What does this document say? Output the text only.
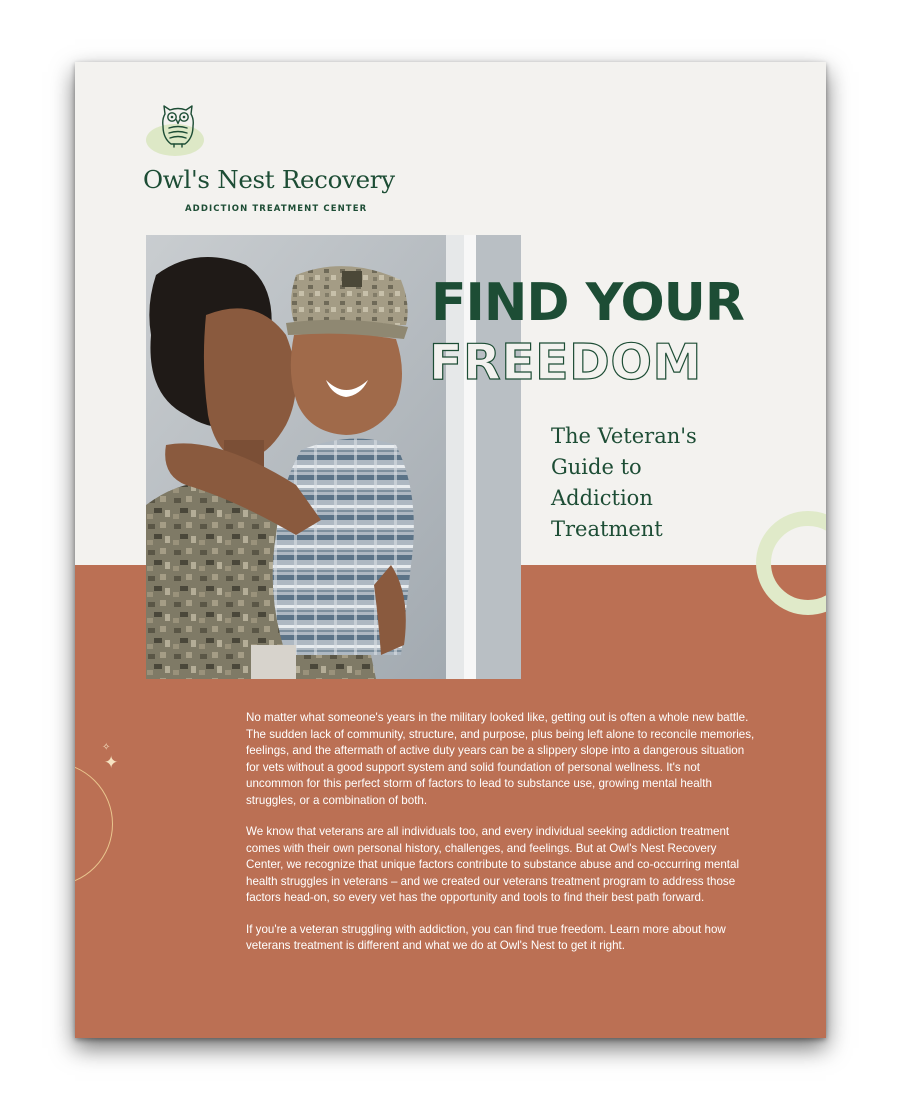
✧
✦
Owl's Nest Recovery
ADDICTION TREATMENT CENTER
FIND YOUR
FREEDOM
The Veteran's
Guide to
Addiction
Treatment

No matter what someone's years in the military looked like, getting out is often a whole new battle. The sudden lack of community, structure, and purpose, plus being left alone to reconcile memories, feelings, and the aftermath of active duty years can be a slippery slope into a dangerous situation for vets without a good support system and solid foundation of personal wellness. It's not uncommon for this perfect storm of factors to lead to substance use, growing mental health struggles, or a combination of both.

We know that veterans are all individuals too, and every individual seeking addiction treatment comes with their own personal history, challenges, and feelings. But at Owl's Nest Recovery Center, we recognize that unique factors contribute to substance abuse and co-occurring mental health struggles in veterans – and we created our veterans treatment program to address those factors head-on, so every vet has the opportunity and tools to find their best path forward.

If you're a veteran struggling with addiction, you can find true freedom. Learn more about how veterans treatment is different and what we do at Owl's Nest to get it right.
